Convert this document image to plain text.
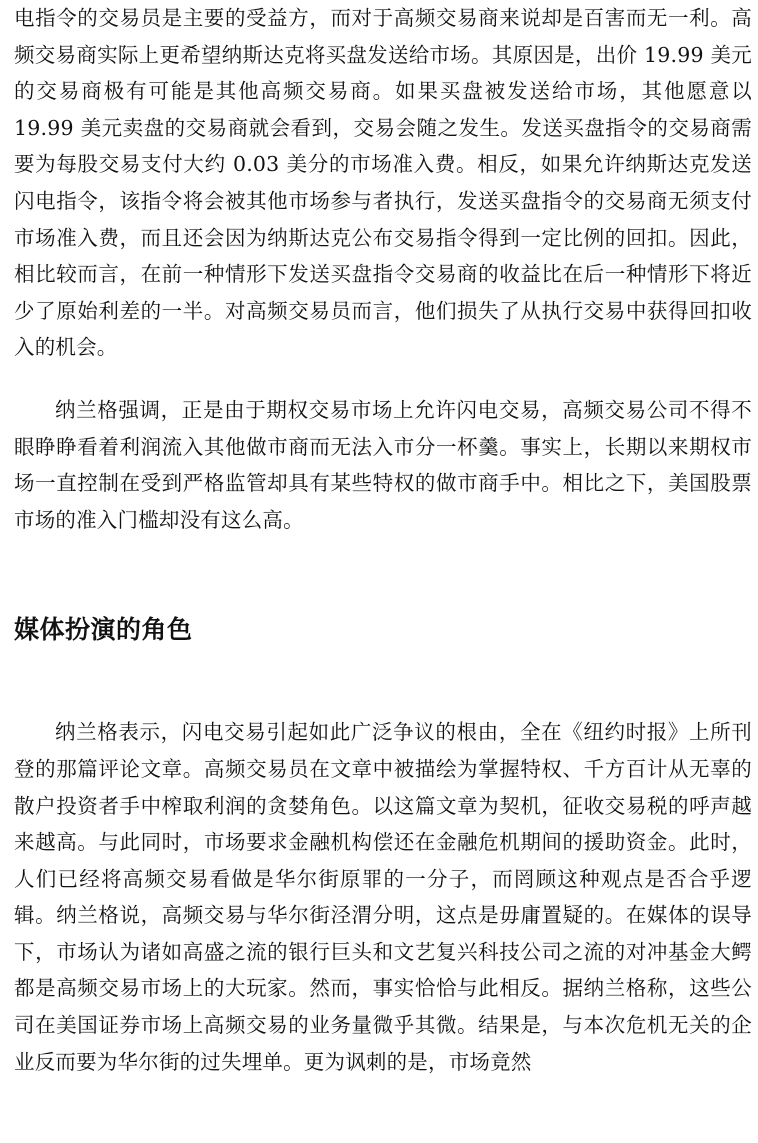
电指令的交易员是主要的受益方，而对于高频交易商来说却是百害而无一利。高频交易商实际上更希望纳斯达克将买盘发送给市场。其原因是，出价 19.99 美元的交易商极有可能是其他高频交易商。如果买盘被发送给市场，其他愿意以 19.99 美元卖盘的交易商就会看到，交易会随之发生。发送买盘指令的交易商需要为每股交易支付大约 0.03 美分的市场准入费。相反，如果允许纳斯达克发送闪电指令，该指令将会被其他市场参与者执行，发送买盘指令的交易商无须支付市场准入费，而且还会因为纳斯达克公布交易指令得到一定比例的回扣。因此，相比较而言，在前一种情形下发送买盘指令交易商的收益比在后一种情形下将近少了原始利差的一半。对高频交易员而言，他们损失了从执行交易中获得回扣收入的机会。

纳兰格强调，正是由于期权交易市场上允许闪电交易，高频交易公司不得不眼睁睁看着利润流入其他做市商而无法入市分一杯羹。事实上，长期以来期权市场一直控制在受到严格监管却具有某些特权的做市商手中。相比之下，美国股票市场的准入门槛却没有这么高。

媒体扮演的角色

纳兰格表示，闪电交易引起如此广泛争议的根由，全在《纽约时报》上所刊登的那篇评论文章。高频交易员在文章中被描绘为掌握特权、千方百计从无辜的散户投资者手中榨取利润的贪婪角色。以这篇文章为契机，征收交易税的呼声越来越高。与此同时，市场要求金融机构偿还在金融危机期间的援助资金。此时，人们已经将高频交易看做是华尔街原罪的一分子，而罔顾这种观点是否合乎逻辑。纳兰格说，高频交易与华尔街泾渭分明，这点是毋庸置疑的。在媒体的误导下，市场认为诸如高盛之流的银行巨头和文艺复兴科技公司之流的对冲基金大鳄都是高频交易市场上的大玩家。然而，事实恰恰与此相反。据纳兰格称，这些公司在美国证券市场上高频交易的业务量微乎其微。结果是，与本次危机无关的企业反而要为华尔街的过失埋单。更为讽刺的是，市场竟然
